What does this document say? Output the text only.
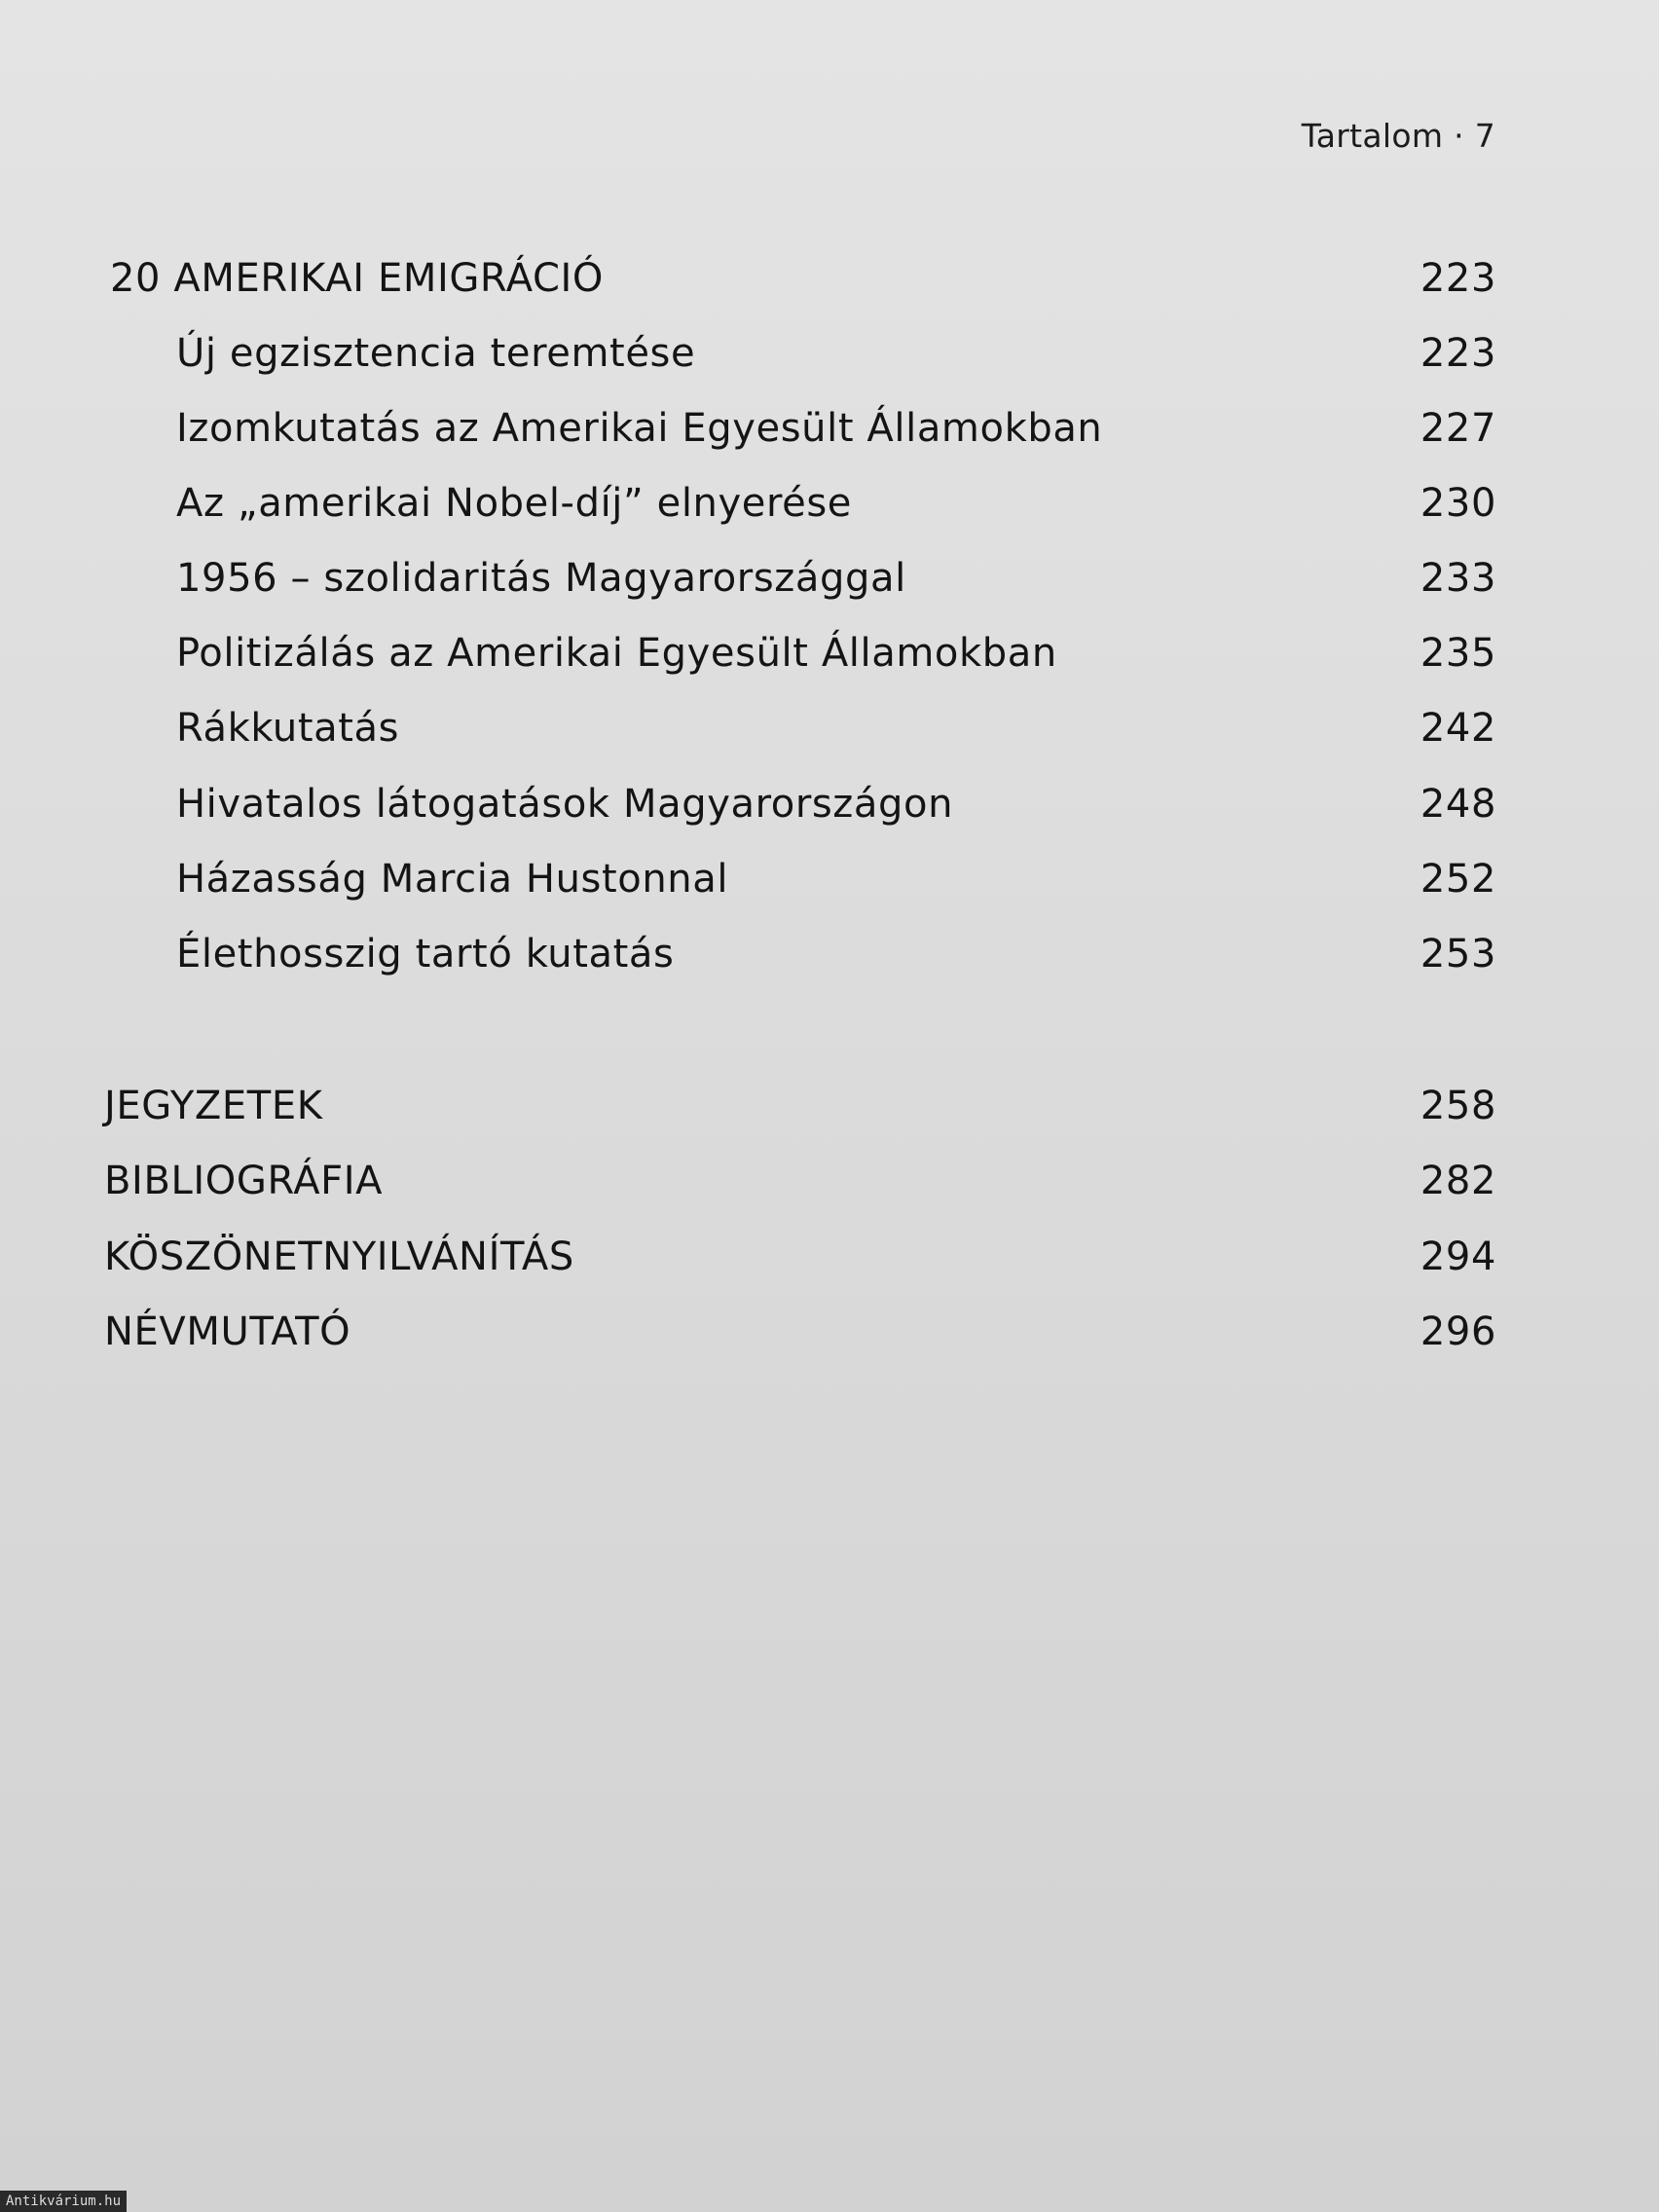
Tartalom · 7
20 AMERIKAI EMIGRÁCIÓ	223
Új egzisztencia teremtése	223
Izomkutatás az Amerikai Egyesült Államokban	227
Az „amerikai Nobel-díj” elnyerése	230
1956 – szolidaritás Magyarországgal	233
Politizálás az Amerikai Egyesült Államokban	235
Rákkutatás	242
Hivatalos látogatások Magyarországon	248
Házasság Marcia Hustonnal	252
Élethosszig tartó kutatás	253
JEGYZETEK	258
BIBLIOGRÁFIA	282
KÖSZÖNETNYILVÁNÍTÁS	294
NÉVMUTATÓ	296
Antikvárium.hu
